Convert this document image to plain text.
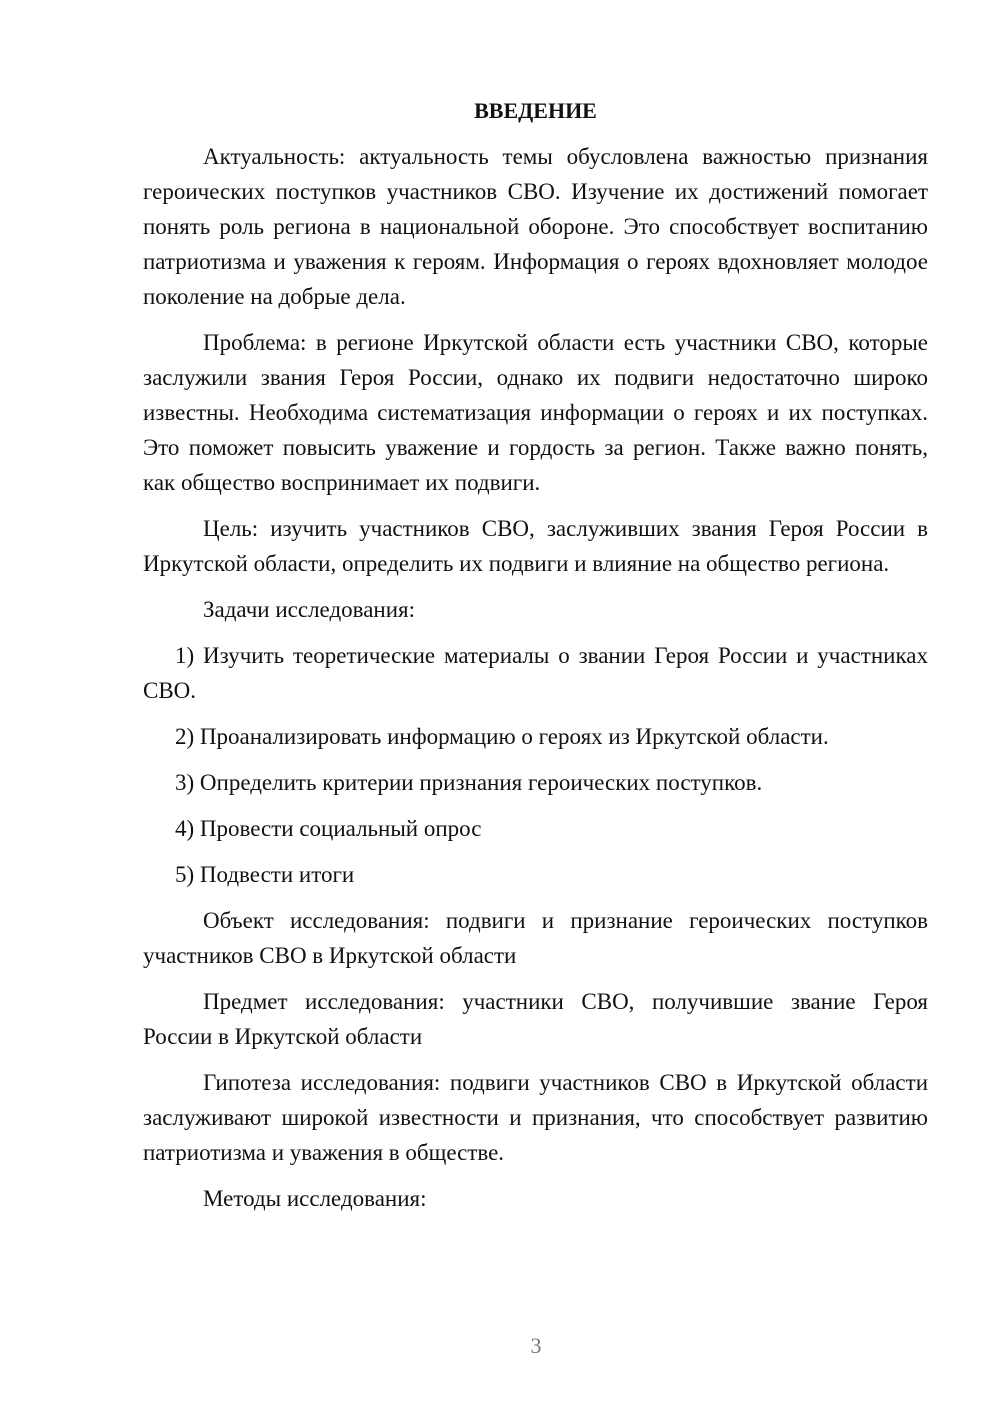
ВВЕДЕНИЕ

Актуальность: актуальность темы обусловлена важностью признания героических поступков участников СВО. Изучение их достижений помогает понять роль региона в национальной обороне. Это способствует воспитанию патриотизма и уважения к героям. Информация о героях вдохновляет молодое поколение на добрые дела.

Проблема: в регионе Иркутской области есть участники СВО, которые заслужили звания Героя России, однако их подвиги недостаточно широко известны. Необходима систематизация информации о героях и их поступках. Это поможет повысить уважение и гордость за регион. Также важно понять, как общество воспринимает их подвиги.

Цель: изучить участников СВО, заслуживших звания Героя России в Иркутской области, определить их подвиги и влияние на общество региона.

Задачи исследования:

1) Изучить теоретические материалы о звании Героя России и участниках СВО.

2) Проанализировать информацию о героях из Иркутской области.

3) Определить критерии признания героических поступков.

4) Провести социальный опрос

5) Подвести итоги

Объект исследования: подвиги и признание героических поступков участников СВО в Иркутской области

Предмет исследования: участники СВО, получившие звание Героя России в Иркутской области

Гипотеза исследования: подвиги участников СВО в Иркутской области заслуживают широкой известности и признания, что способствует развитию патриотизма и уважения в обществе.

Методы исследования:

3
